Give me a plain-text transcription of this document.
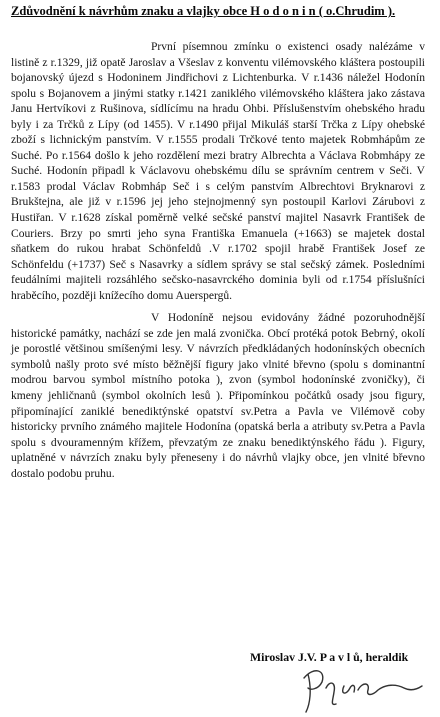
Zdůvodnění k návrhům znaku a vlajky obce H o d o n i n ( o.Chrudim ).

První písemnou zmínku o existenci osady nalézáme v listině z r.1329, již opatě Jaroslav a Všeslav z konventu vilémovského kláštera postoupili bojanovský újezd s Hodoninem Jindřichovi z Lichtenburka. V r.1436 náležel Hodonín spolu s Bojanovem a jinými statky r.1421 zaniklého vilémovského kláštera jako zástava Janu Hertvíkovi z Rušinova, sídlícímu na hradu Ohbi. Příslušenstvím ohebského hradu byly i za Trčků z Lípy (od 1455). V r.1490 přijal Mikuláš starší Trčka z Lípy ohebské zboží s lichnickým panstvím. V r.1555 prodali Trčkové tento majetek Robmhápům ze Suché. Po r.1564 došlo k jeho rozdělení mezi bratry Albrechta a Václava Robmhápy ze Suché. Hodonín připadl k Václavovu ohebskému dílu se správním centrem v Seči. V r.1583 prodal Václav Robmháp Seč i s celým panstvím Albrechtovi Bryknarovi z Brukštejna, ale již v r.1596 jej jeho stejnojmenný syn postoupil Karlovi Zárubovi z Hustiřan. V r.1628 získal poměrně velké sečské panství majitel Nasavrk František de Couriers. Brzy po smrti jeho syna Františka Emanuela (+1663) se majetek dostal sňatkem do rukou hrabat Schönfeldů .V r.1702 spojil hrabě František Josef ze Schönfeldu (+1737) Seč s Nasavrky a sídlem správy se stal sečský zámek. Posledními feudálními majiteli rozsáhlého sečsko-nasavrckého dominia byli od r.1754 příslušníci hraběcího, později knížecího domu Auerspergů.

V Hodoníně nejsou evidovány žádné pozoruhodnější historické památky, nachází se zde jen malá zvonička. Obcí protéká potok Bebrný, okolí je porostlé většinou smíšenými lesy. V návrzích předkládaných hodonínských obecních symbolů našly proto své místo běžnější figury jako vlnité břevno (spolu s dominantní modrou barvou symbol místního potoka ), zvon (symbol hodonínské zvoničky), či kmeny jehličnanů (symbol okolních lesů ). Připomínkou počátků osady jsou figury, připomínající zaniklé benediktýnské opatství sv.Petra a Pavla ve Vilémově coby historicky prvního známého majitele Hodonína (opatská berla a atributy sv.Petra a Pavla spolu s dvouramenným křížem, převzatým ze znaku benediktýnského řádu ). Figury, uplatněné v návrzích znaku byly přeneseny i do návrhů vlajky obce, jen vlnité břevno dostalo podobu pruhu.

Miroslav J.V. P a v l ů, heraldik
